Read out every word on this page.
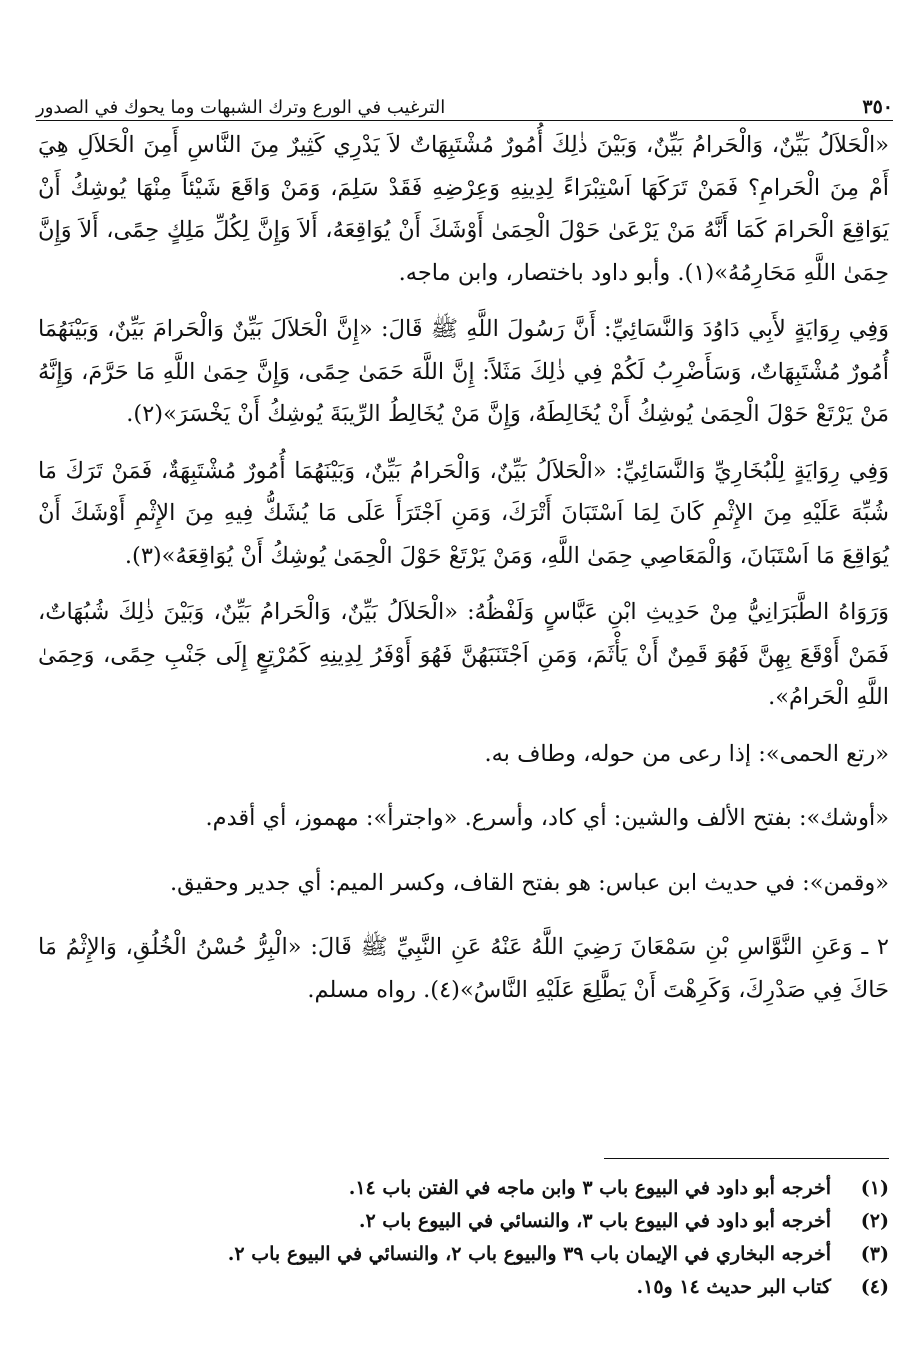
٣٥٠
الترغيب في الورع وترك الشبهات وما يحوك في الصدور

«الْحَلاَلُ بَيِّنٌ، وَالْحَرامُ بَيِّنٌ، وَبَيْنَ ذٰلِكَ أُمُورٌ مُشْتَبِهَاتٌ لاَ يَدْرِي كَثِيرٌ مِنَ النَّاسِ أَمِنَ الْحَلاَلِ هِيَ أَمْ مِنَ الْحَرامِ؟ فَمَنْ تَرَكَهَا اَسْتِبْرَاءً لِدِينِهِ وَعِرْضِهِ فَقَدْ سَلِمَ، وَمَنْ وَاقَعَ شَيْئاً مِنْهَا يُوشِكُ أَنْ يَوَاقِعَ الْحَرامَ كَمَا أَنَّهُ مَنْ يَرْعَىٰ حَوْلَ الْحِمَىٰ أَوْشَكَ أَنْ يُوَاقِعَهُ، أَلاَ وَإِنَّ لِكُلِّ مَلِكٍ حِمًى، أَلاَ وَإِنَّ حِمَىٰ اللَّهِ مَحَارِمُهُ»(١). وأبو داود باختصار، وابن ماجه.

وَفِي رِوَايَةٍ لأَبِي دَاوُدَ وَالنَّسَائِيِّ: أَنَّ رَسُولَ اللَّهِ ﷺ قَالَ: «إِنَّ الْحَلاَلَ بَيِّنٌ وَالْحَرامَ بَيِّنٌ، وَبَيْنَهُمَا أُمُورٌ مُشْتَبِهَاتٌ، وَسَأَضْرِبُ لَكُمْ فِي ذٰلِكَ مَثَلاً: إِنَّ اللَّهَ حَمَىٰ حِمًى، وَإِنَّ حِمَىٰ اللَّهِ مَا حَرَّمَ، وَإِنَّهُ مَنْ يَرْتَعْ حَوْلَ الْحِمَىٰ يُوشِكُ أَنْ يُخَالِطَهُ، وَإِنَّ مَنْ يُخَالِطُ الرِّيبَةَ يُوشِكُ أَنْ يَخْسَرَ»(٢).

وَفِي رِوَايَةٍ لِلْبُخَارِيِّ وَالنَّسَائِيِّ: «الْحَلاَلُ بَيِّنٌ، وَالْحَرامُ بَيِّنٌ، وَبَيْنَهُمَا أُمُورٌ مُشْتَبِهَةٌ، فَمَنْ تَرَكَ مَا شُبِّهَ عَلَيْهِ مِنَ الإِثْمِ كَانَ لِمَا اَسْتَبَانَ أَتْرَكَ، وَمَنِ اَجْتَرَأَ عَلَى مَا يُشَكُّ فِيهِ مِنَ الإِثْمِ أَوْشَكَ أَنْ يُوَاقِعَ مَا اَسْتَبَانَ، وَالْمَعَاصِي حِمَىٰ اللَّهِ، وَمَنْ يَرْتَعْ حَوْلَ الْحِمَىٰ يُوشِكُ أَنْ يُوَاقِعَهُ»(٣).

وَرَوَاهُ الطَّبَرَانِيُّ مِنْ حَدِيثِ ابْنِ عَبَّاسٍ وَلَفْظُهُ: «الْحَلاَلُ بَيِّنٌ، وَالْحَرامُ بَيِّنٌ، وَبَيْنَ ذٰلِكَ شُبُهَاتٌ، فَمَنْ أَوْقَعَ بِهِنَّ فَهُوَ قَمِنٌ أَنْ يَأْثَمَ، وَمَنِ اَجْتَنَبَهُنَّ فَهُوَ أَوْفَرُ لِدِينِهِ كَمُرْتِعٍ إِلَى جَنْبِ حِمًى، وَحِمَىٰ اللَّهِ الْحَرامُ».

«رتع الحمى»: إذا رعى من حوله، وطاف به.

«أوشك»: بفتح الألف والشين: أي كاد، وأسرع. «واجترأ»: مهموز، أي أقدم.

«وقمن»: في حديث ابن عباس: هو بفتح القاف، وكسر الميم: أي جدير وحقيق.

٢ ـ وَعَنِ النَّوَّاسِ بْنِ سَمْعَانَ رَضِيَ اللَّهُ عَنْهُ عَنِ النَّبِيِّ ﷺ قَالَ: «الْبِرُّ حُسْنُ الْخُلُقِ، وَالإِثْمُ مَا حَاكَ فِي صَدْرِكَ، وَكَرِهْتَ أَنْ يَطَّلِعَ عَلَيْهِ النَّاسُ»(٤). رواه مسلم.

(١)
أخرجه أبو داود في البيوع باب ٣ وابن ماجه في الفتن باب ١٤.
(٢)
أخرجه أبو داود في البيوع باب ٣، والنسائي في البيوع باب ٢.
(٣)
أخرجه البخاري في الإيمان باب ٣٩ والبيوع باب ٢، والنسائي في البيوع باب ٢.
(٤)
كتاب البر حديث ١٤ و١٥.
